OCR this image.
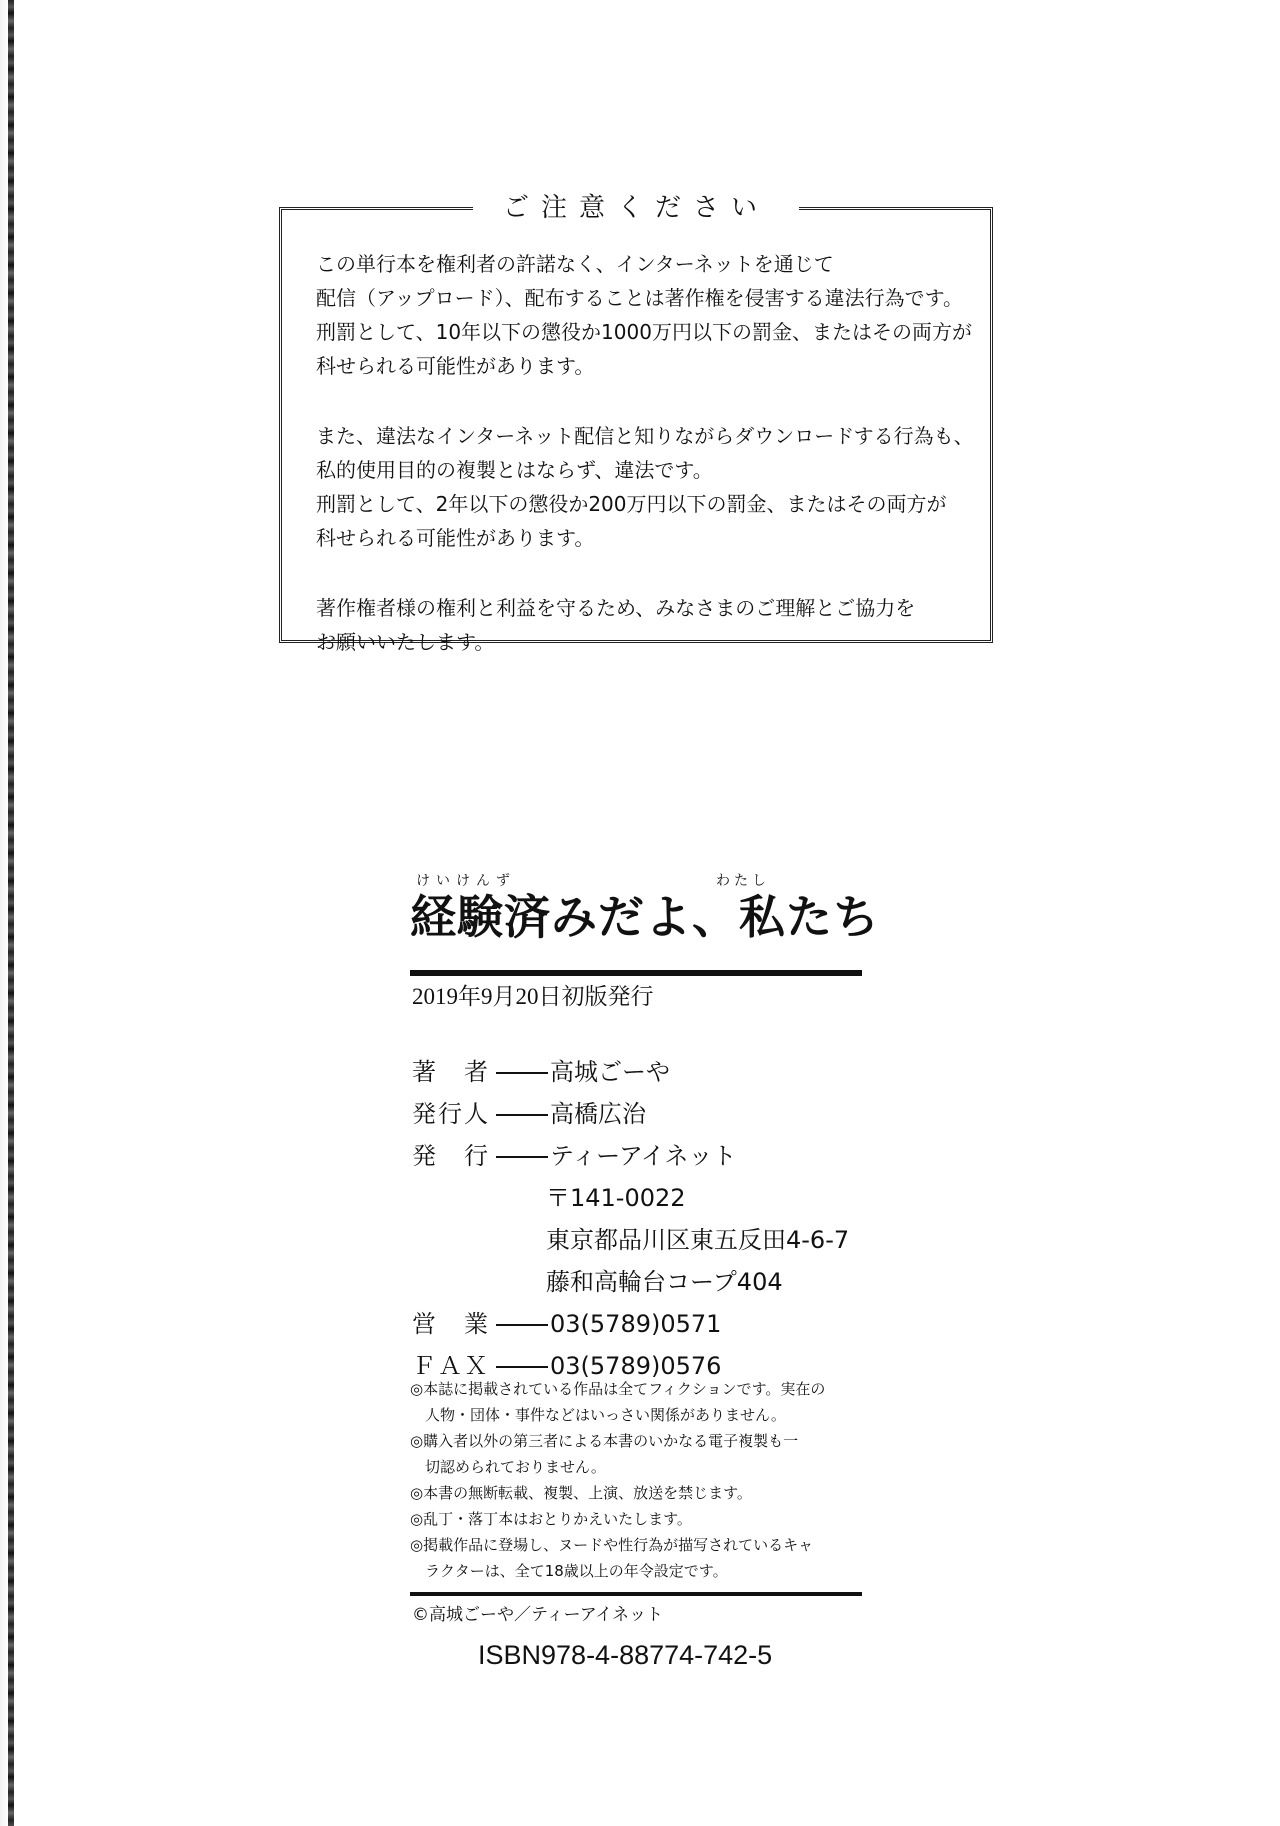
ご注意ください
この単行本を権利者の許諾なく、インターネットを通じて
配信（アップロード）、配布することは著作権を侵害する違法行為です。
刑罰として、10年以下の懲役か1000万円以下の罰金、またはその両方が
科せられる可能性があります。
また、違法なインターネット配信と知りながらダウンロードする行為も、
私的使用目的の複製とはならず、違法です。
刑罰として、2年以下の懲役か200万円以下の罰金、またはその両方が
科せられる可能性があります。
著作権者様の権利と利益を守るため、みなさまのご理解とご協力を
お願いいたします。
けいけんず	わたし
経験済みだよ、私たち
2019年9月20日初版発行
著　者	高城ごーや
発行人	高橋広治
発　行	ティーアイネット
〒141-0022
東京都品川区東五反田4-6-7
藤和高輪台コープ404
営　業	03(5789)0571
ＦＡＸ	03(5789)0576
◎本誌に掲載されている作品は全てフィクションです。実在の
　人物・団体・事件などはいっさい関係がありません。
◎購入者以外の第三者による本書のいかなる電子複製も一
　切認められておりません。
◎本書の無断転載、複製、上演、放送を禁じます。
◎乱丁・落丁本はおとりかえいたします。
◎掲載作品に登場し、ヌードや性行為が描写されているキャ
　ラクターは、全て18歳以上の年令設定です。
©高城ごーや／ティーアイネット
ISBN978-4-88774-742-5
